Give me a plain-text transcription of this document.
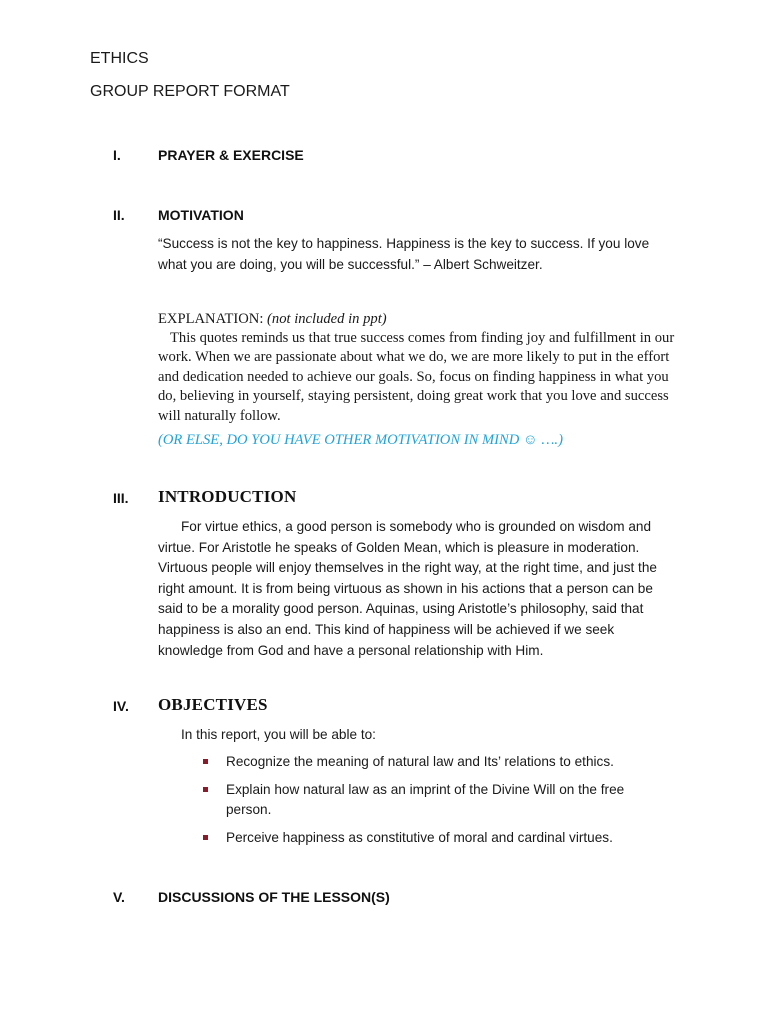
ETHICS
GROUP REPORT FORMAT
I.	PRAYER & EXERCISE
II. MOTIVATION
“Success is not the key to happiness. Happiness is the key to success. If you love what you are doing, you will be successful.” – Albert Schweitzer.
EXPLANATION: (not included in ppt)
This quotes reminds us that true success comes from finding joy and fulfillment in our work. When we are passionate about what we do, we are more likely to put in the effort and dedication needed to achieve our goals. So, focus on finding happiness in what you do, believing in yourself, staying persistent, doing great work that you love and success will naturally follow.
(OR ELSE, DO YOU HAVE OTHER MOTIVATION IN MIND ☺ ….)
III. INTRODUCTION
For virtue ethics, a good person is somebody who is grounded on wisdom and virtue. For Aristotle he speaks of Golden Mean, which is pleasure in moderation. Virtuous people will enjoy themselves in the right way, at the right time, and just the right amount. It is from being virtuous as shown in his actions that a person can be said to be a morality good person. Aquinas, using Aristotle’s philosophy, said that happiness is also an end. This kind of happiness will be achieved if we seek knowledge from God and have a personal relationship with Him.
IV. OBJECTIVES
In this report, you will be able to:
Recognize the meaning of natural law and Its’ relations to ethics.
Explain how natural law as an imprint of the Divine Will on the free person.
Perceive happiness as constitutive of moral and cardinal virtues.
V. DISCUSSIONS OF THE LESSON(S)
